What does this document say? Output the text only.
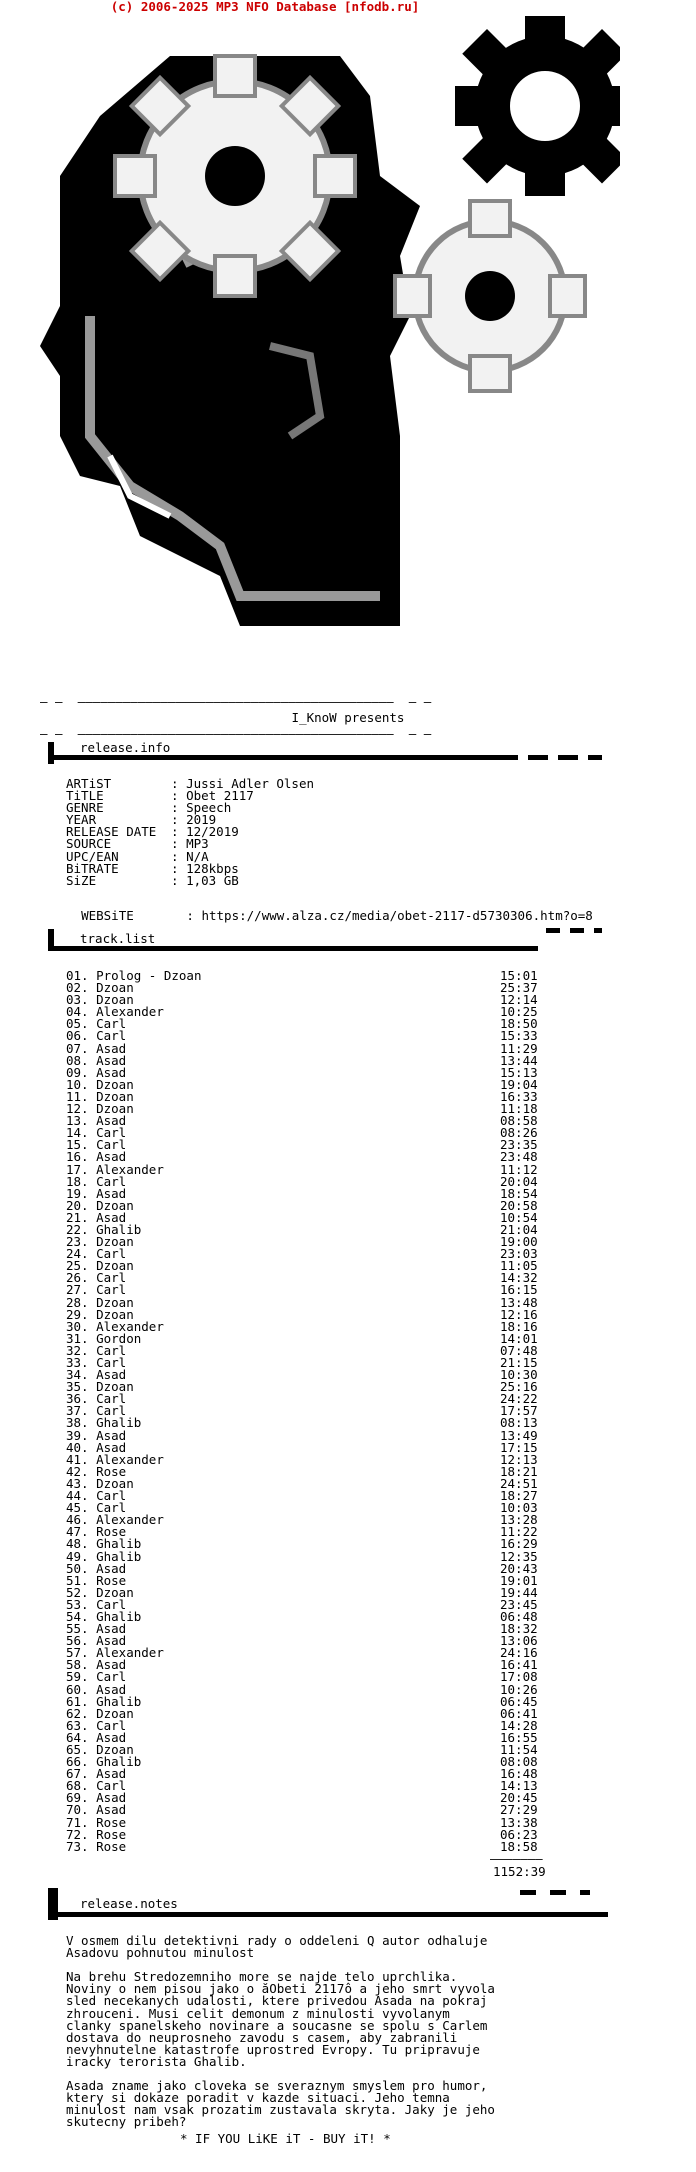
(c) 2006-2025 MP3 NFO Database [nfodb.ru]
— —  ——————————————————————————————————————————  — —
I_KnoW presents
— —  ——————————————————————————————————————————  — —
release.info
ARTiST	: Jussi Adler Olsen
TiTLE	: Obet 2117
GENRE	: Speech
YEAR	: 2019
RELEASE DATE : 12/2019
SOURCE	: MP3
UPC/EAN	: N/A
BiTRATE	: 128kbps
SiZE	: 1,03 GB

WEBSiTE       : https://www.alza.cz/media/obet-2117-d5730306.htm?o=8

track.list
01. Prolog - Dzoan	15:01
02. Dzoan	25:37
03. Dzoan	12:14
04. Alexander	10:25
05. Carl	18:50
06. Carl	15:33
07. Asad	11:29
08. Asad	13:44
09. Asad	15:13
10. Dzoan	19:04
11. Dzoan	16:33
12. Dzoan	11:18
13. Asad	08:58
14. Carl	08:26
15. Carl	23:35
16. Asad	23:48
17. Alexander	11:12
18. Carl	20:04
19. Asad	18:54
20. Dzoan	20:58
21. Asad	10:54
22. Ghalib	21:04
23. Dzoan	19:00
24. Carl	23:03
25. Dzoan	11:05
26. Carl	14:32
27. Carl	16:15
28. Dzoan	13:48
29. Dzoan	12:16
30. Alexander	18:16
31. Gordon	14:01
32. Carl	07:48
33. Carl	21:15
34. Asad	10:30
35. Dzoan	25:16
36. Carl	24:22
37. Carl	17:57
38. Ghalib	08:13
39. Asad	13:49
40. Asad	17:15
41. Alexander	12:13
42. Rose	18:21
43. Dzoan	24:51
44. Carl	18:27
45. Carl	10:03
46. Alexander	13:28
47. Rose	11:22
48. Ghalib	16:29
49. Ghalib	12:35
50. Asad	20:43
51. Rose	19:01
52. Dzoan	19:44
53. Carl	23:45
54. Ghalib	06:48
55. Asad	18:32
56. Asad	13:06
57. Alexander	24:16
58. Asad	16:41
59. Carl	17:08
60. Asad	10:26
61. Ghalib	06:45
62. Dzoan	06:41
63. Carl	14:28
64. Asad	16:55
65. Dzoan	11:54
66. Ghalib	08:08
67. Asad	16:48
68. Carl	14:13
69. Asad	20:45
70. Asad	27:29
71. Rose	13:38
72. Rose	06:23
73. Rose	18:58
———————
1152:39
release.notes
V osmem dilu detektivni rady o oddeleni Q autor odhaluje
Asadovu pohnutou minulost
Na brehu Stredozemniho more se najde telo uprchlika.
Noviny o nem pisou jako o ăObeti 2117ô a jeho smrt vyvola
sled necekanych udalosti, ktere privedou Asada na pokraj
zhrouceni. Musi celit demonum z minulosti vyvolanym
clanky spanelskeho novinare a soucasne se spolu s Carlem
dostava do neuprosneho zavodu s casem, aby zabranili
nevyhnutelne katastrofe uprostred Evropy. Tu pripravuje
iracky terorista Ghalib.
Asada zname jako cloveka se sveraznym smyslem pro humor,
ktery si dokaze poradit v kazde situaci. Jeho temna
minulost nam vsak prozatim zustavala skryta. Jaky je jeho
skutecny pribeh?
* IF YOU LiKE iT - BUY iT! *
